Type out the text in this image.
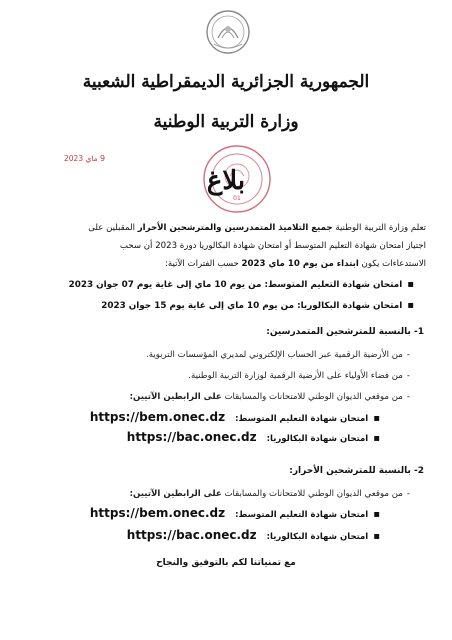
الجمهورية الجزائرية الديمقراطية الشعبية
وزارة التربية الوطنية
9 ماي 2023
01
بلاغ
تعلم وزارة التربية الوطنية جميع التلاميذ المتمدرسين والمترشحين الأحرار المقبلين على
اجتياز امتحان شهادة التعليم المتوسط أو امتحان شهادة البكالوريا دورة 2023 أن سحب
الاستدعاءات يكون ابتداء من يوم 10 ماي 2023 حسب الفترات الآتية:
▪امتحان شهادة التعليم المتوسط: من يوم 10 ماي إلى غاية يوم 07 جوان 2023
▪امتحان شهادة البكالوريا: من يوم 10 ماي إلى غاية يوم 15 جوان 2023
1- بالنسبة للمترشحين المتمدرسين:
-من الأرضية الرقمية عبر الحساب الإلكتروني لمديري المؤسسات التربوية.
-من فضاء الأولياء على الأرضية الرقمية لوزارة التربية الوطنية.
-من موقعي الديوان الوطني للامتحانات والمسابقات على الرابطين الآتيين:
▪امتحان شهادة التعليم المتوسط:https://bem.onec.dz
▪امتحان شهادة البكالوريا:https://bac.onec.dz
2- بالنسبة للمترشحين الأحرار:
-من موقعي الديوان الوطني للامتحانات والمسابقات على الرابطين الآتيين:
▪امتحان شهادة التعليم المتوسط:https://bem.onec.dz
▪امتحان شهادة البكالوريا:https://bac.onec.dz
مع تمنياتنا لكم بالتوفيق والنجاح
